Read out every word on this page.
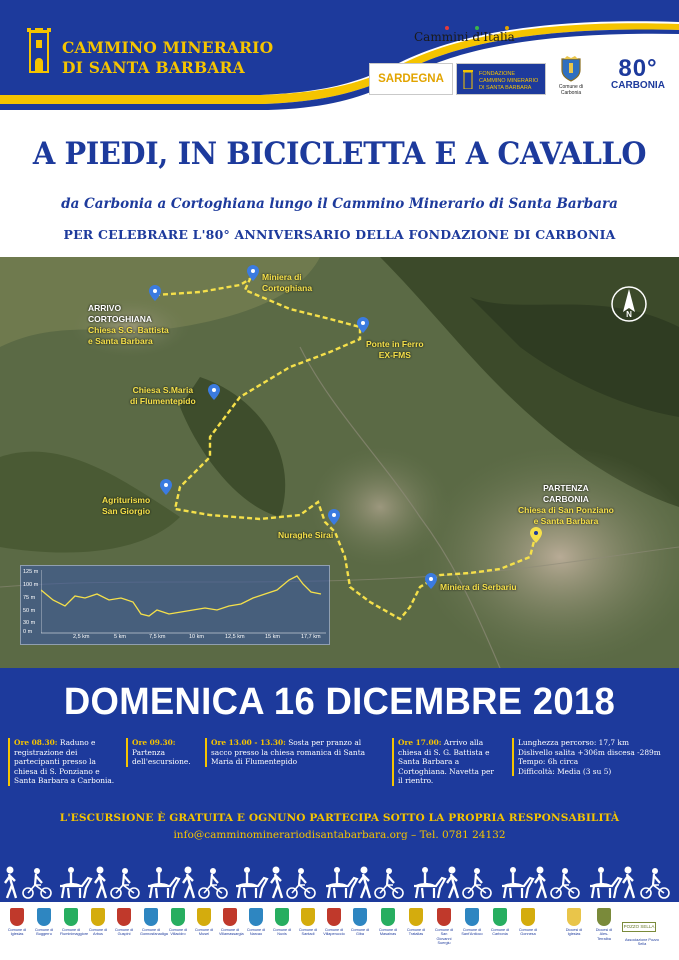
CAMMINO MINERARIO
DI SANTA BARBARA
Cammini d'Italia
SARDEGNA	FONDAZIONE
CAMMINO MINERARIO
DI SANTA BARBARA	Comune di Carbonia
80°
CARBONIA
A PIEDI, IN BICICLETTA E A CAVALLO
da Carbonia a Cortoghiana lungo il Cammino Minerario di Santa Barbara
PER CELEBRARE L'80° ANNIVERSARIO DELLA FONDAZIONE DI CARBONIA
N
Miniera di
Cortoghiana
ARRIVO
CORTOGHIANA
Chiesa S.G. Battista
e Santa Barbara	Ponte in Ferro
EX-FMS
Chiesa S.Maria
di Flumentepido
Agriturismo
San Giorgio
Nuraghe Sirai
PARTENZA
CARBONIA
Chiesa di San Ponziano
e Santa Barbara
Miniera di Serbariu
125 m
100 m
75 m
50 m
30 m
0 m
2,5 km	5 km	7,5 km	10 km	12,5 km	15 km	17,7 km
DOMENICA 16 DICEMBRE 2018
Ore 08.30: Raduno e registrazione dei partecipanti presso la chiesa di S. Ponziano e Santa Barbara a Carbonia.
Ore 09.30: Partenza dell'escursione.
Ore 13.00 - 13.30: Sosta per pranzo al sacco presso la chiesa romanica di Santa Maria di Flumentepido
Ore 17.00: Arrivo alla chiesa di S. G. Battista e Santa Barbara a Cortoghiana. Navetta per il rientro.
Lunghezza percorso: 17,7 km
Dislivello salita +306m discesa -289m
Tempo: 6h circa
Difficoltà: Media (3 su 5)
L'ESCURSIONE È GRATUITA E OGNUNO PARTECIPA SOTTO LA PROPRIA RESPONSABILITÀ
info@camminominerariodisantabarbara.org – Tel. 0781 24132
Comune di Iglesias
Comune di Buggerru
Comune di Fluminimaggiore
Comune di Arbus
Comune di Guspini
Comune di Gonnosfanadiga
Comune di Villacidro
Comune di Musei
Comune di Villamassargia
Comune di Narcao
Comune di Nuxis
Comune di Santadi
Comune di Villaperuccio
Comune di Giba
Comune di Masainas
Comune di Tratalias
Comune di San Giovanni Suergiu
Comune di Sant'Antioco
Comune di Carbonia
Comune di Gonnesa
Diocesi di Iglesias
Diocesi di Ales-Terralba
POZZO SELLA
Associazione Pozzo Sella
